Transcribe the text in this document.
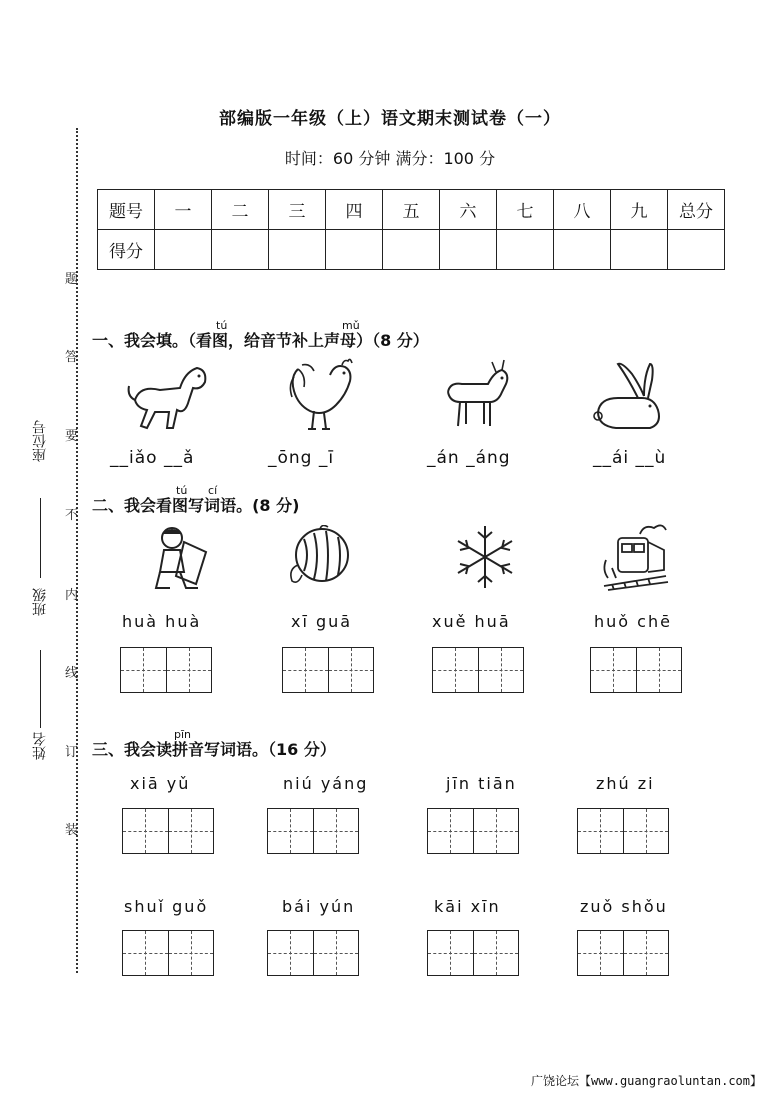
部编版一年级（上）语文期末测试卷（一）
时间：60 分钟 满分：100 分
题号	一	二	三	四	五	六	七	八	九	总分
得分										
题
答
要
不
内
线
订
装
座位号
班级
姓名
一、我会填。（看
tú
图，给音节补上声
mǔ
母）（8 分）
__iǎo __ǎ	_ōng _ī	_án _áng	__ái __ù
二、我会看
tú
图写
cí
词语。(8 分)
huà huà	xī guā	xuě huā	huǒ chē
三、我会读
pīn
拼音写词语。（16 分）
xiā yǔ	niú yáng	jīn tiān	zhú zi
shuǐ guǒ	bái yún	kāi xīn	zuǒ shǒu
广饶论坛【www.guangraoluntan.com】
